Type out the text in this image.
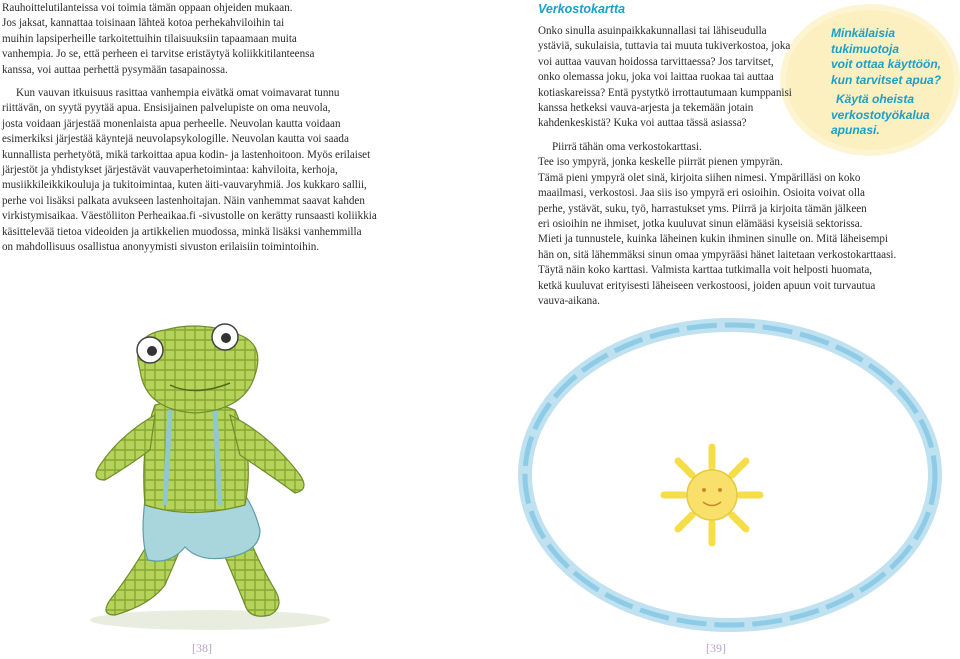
Rauhoittelutilanteissa voi toimia tämän oppaan ohjeiden mukaan.
Jos jaksat, kannattaa toisinaan lähteä kotoa perhekahviloihin tai
muihin lapsiperheille tarkoitettuihin tilaisuuksiin tapaamaan muita
vanhempia. Jo se, että perheen ei tarvitse eristäytyä koliikkitilanteensa
kanssa, voi auttaa perhettä pysymään tasapainossa.
Kun vauvan itkuisuus rasittaa vanhempia eivätkä omat voimavarat tunnu
riittävän, on syytä pyytää apua. Ensisijainen palvelupiste on oma neuvola,
josta voidaan järjestää monenlaista apua perheelle. Neuvolan kautta voidaan
esimerkiksi järjestää käyntejä neuvolapsykologille. Neuvolan kautta voi saada
kunnallista perhetyötä, mikä tarkoittaa apua kodin- ja lastenhoitoon. Myös erilaiset
järjestöt ja yhdistykset järjestävät vauvaperhetoimintaa: kahviloita, kerhoja,
musiikkileikkikouluja ja tukitoimintaa, kuten äiti-vauvaryhmiä. Jos kukkaro sallii,
perhe voi lisäksi palkata avukseen lastenhoitajan. Näin vanhemmat saavat kahden
virkistymisaikaa. Väestöliiton Perheaikaa.fi -sivustolle on kerätty runsaasti koliikkia
käsittelevää tietoa videoiden ja artikkelien muodossa, minkä lisäksi vanhemmilla
on mahdollisuus osallistua anonyymisti sivuston erilaisiin toimintoihin.
[38]
Minkälaisia
tukimuotoja
voit ottaa käyttöön,
kun tarvitset apua?
Käytä oheista
verkostotyökalua
apunasi.
Verkostokartta
Onko sinulla asuinpaikkakunnallasi tai lähiseudulla
ystäviä, sukulaisia, tuttavia tai muuta tukiverkostoa, joka
voi auttaa vauvan hoidossa tarvittaessa? Jos tarvitset,
onko olemassa joku, joka voi laittaa ruokaa tai auttaa
kotiaskareissa? Entä pystytkö irrottautumaan kumppanisi
kanssa hetkeksi vauva-arjesta ja tekemään jotain
kahdenkeskistä? Kuka voi auttaa tässä asiassa?
Piirrä tähän oma verkostokarttasi.
Tee iso ympyrä, jonka keskelle piirrät pienen ympyrän.
Tämä pieni ympyrä olet sinä, kirjoita siihen nimesi. Ympärilläsi on koko
maailmasi, verkostosi. Jaa siis iso ympyrä eri osioihin. Osioita voivat olla
perhe, ystävät, suku, työ, harrastukset yms. Piirrä ja kirjoita tämän jälkeen
eri osioihin ne ihmiset, jotka kuuluvat sinun elämääsi kyseisiä sektorissa.
Mieti ja tunnustele, kuinka läheinen kukin ihminen sinulle on. Mitä läheisempi
hän on, sitä lähemmäksi sinun omaa ympyrääsi hänet laitetaan verkostokarttaasi.
Täytä näin koko karttasi. Valmista karttaa tutkimalla voit helposti huomata,
ketkä kuuluvat erityisesti läheiseen verkostoosi, joiden apuun voit turvautua
vauva-aikana.
[39]
